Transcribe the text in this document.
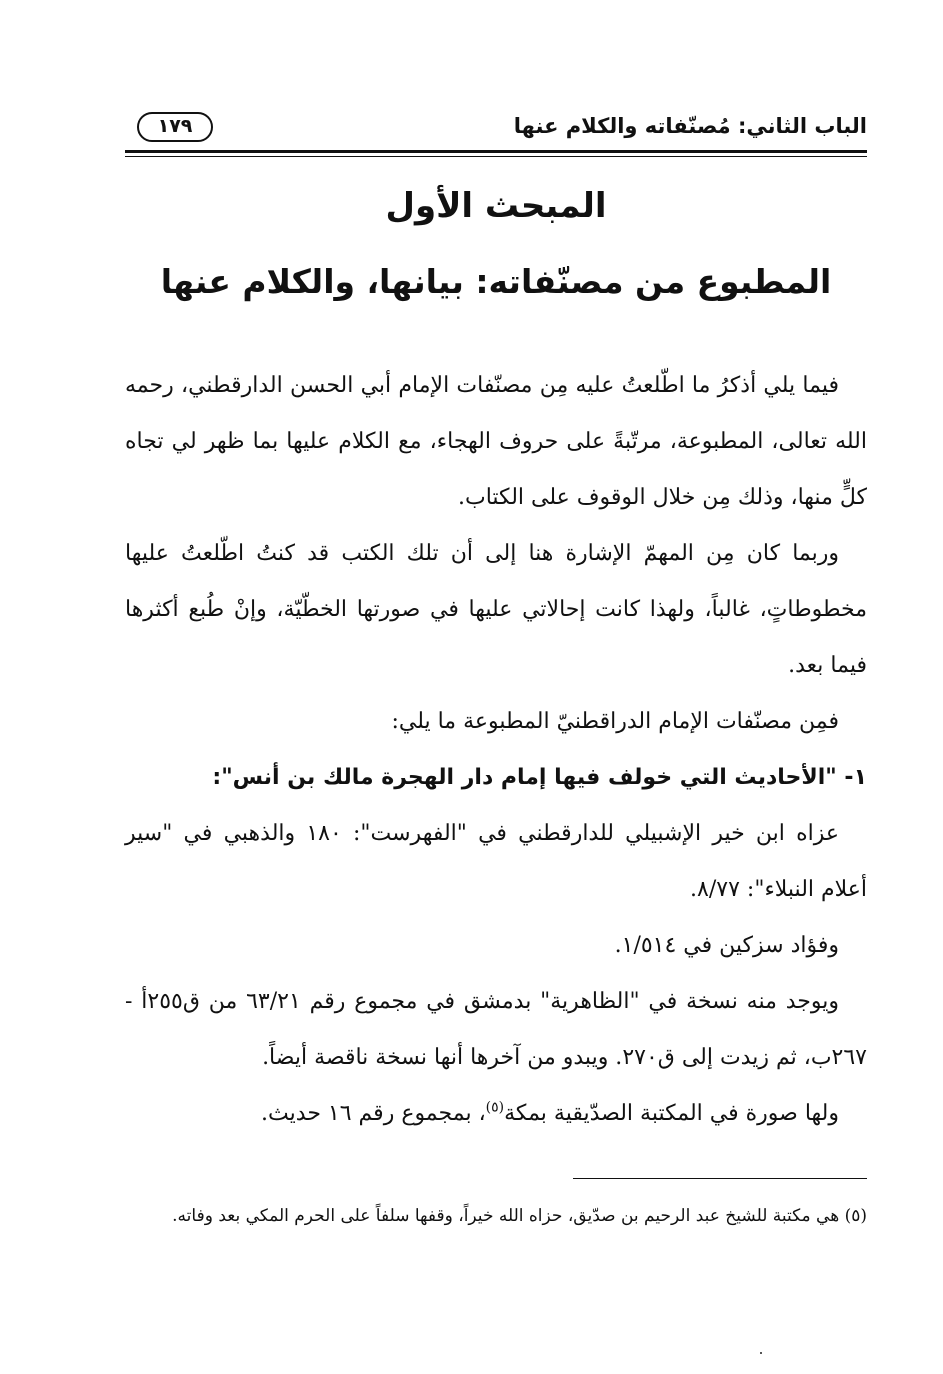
الباب الثاني: مُصنّفاته والكلام عنها
١٧٩
المبحث الأول
المطبوع من مصنّفاته: بيانها، والكلام عنها

فيما يلي أذكرُ ما اطّلعتُ عليه مِن مصنّفات الإمام أبي الحسن الدارقطني، رحمه الله تعالى، المطبوعة، مرتّبةً على حروف الهجاء، مع الكلام عليها بما ظهر لي تجاه كلٍّ منها، وذلك مِن خلال الوقوف على الكتاب.

وربما كان مِن المهمّ الإشارة هنا إلى أن تلك الكتب قد كنتُ اطّلعتُ عليها مخطوطاتٍ، غالباً، ولهذا كانت إحالاتي عليها في صورتها الخطّيّة، وإنْ طُبع أكثرها فيما بعد.

فمِن مصنّفات الإمام الدراقطنيّ المطبوعة ما يلي:

١- "الأحاديث التي خولف فيها إمام دار الهجرة مالك بن أنس":

عزاه ابن خير الإشبيلي للدارقطني في "الفهرست": ١٨٠ والذهبي في "سير أعلام النبلاء": ٨/٧٧.

وفؤاد سزكين في ١/٥١٤.

ويوجد منه نسخة في "الظاهرية" بدمشق في مجموع رقم ٦٣/٢١ من ق٢٥٥أ - ٢٦٧ب، ثم زيدت إلى ق٢٧٠. ويبدو من آخرها أنها نسخة ناقصة أيضاً.

ولها صورة في المكتبة الصدّيقية بمكة$^{(٥)}$، بمجموع رقم ١٦ حديث.

(٥) هي مكتبة للشيخ عبد الرحيم بن صدّيق، حزاه الله خيراً، وقفها سلفاً على الحرم المكي بعد وفاته.
